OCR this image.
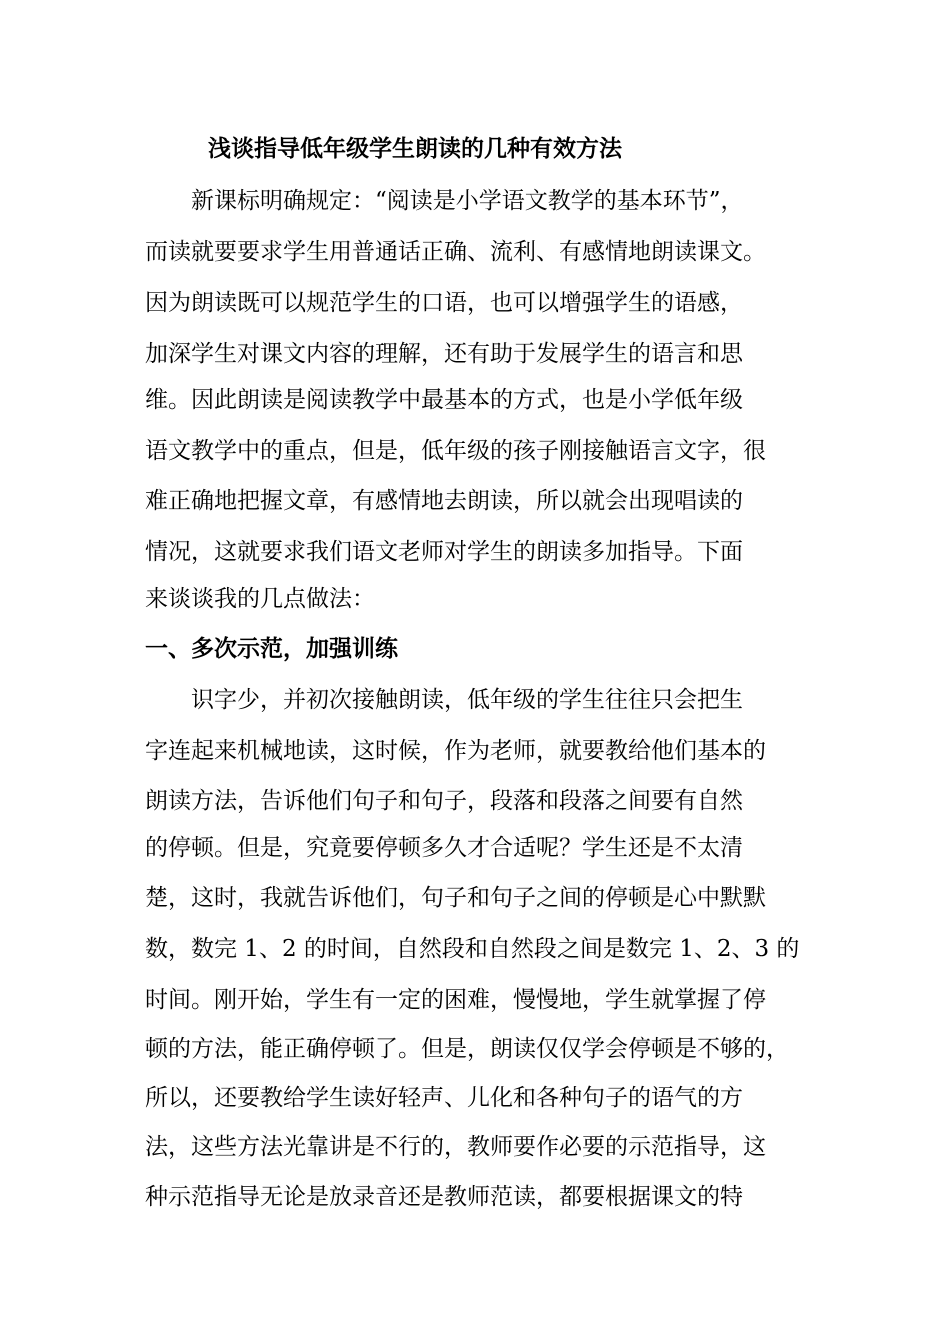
浅谈指导低年级学生朗读的几种有效方法
　　新课标明确规定：“阅读是小学语文教学的基本环节”，
而读就要要求学生用普通话正确、流利、有感情地朗读课文。
因为朗读既可以规范学生的口语，也可以增强学生的语感，
加深学生对课文内容的理解，还有助于发展学生的语言和思
维。因此朗读是阅读教学中最基本的方式，也是小学低年级
语文教学中的重点，但是，低年级的孩子刚接触语言文字，很
难正确地把握文章，有感情地去朗读，所以就会出现唱读的
情况，这就要求我们语文老师对学生的朗读多加指导。下面
来谈谈我的几点做法：
一、多次示范，加强训练
　　识字少，并初次接触朗读，低年级的学生往往只会把生
字连起来机械地读，这时候，作为老师，就要教给他们基本的
朗读方法，告诉他们句子和句子，段落和段落之间要有自然
的停顿。但是，究竟要停顿多久才合适呢？学生还是不太清
楚，这时，我就告诉他们，句子和句子之间的停顿是心中默默
数，数完 1、2 的时间，自然段和自然段之间是数完 1、2、3 的
时间。刚开始，学生有一定的困难，慢慢地，学生就掌握了停
顿的方法，能正确停顿了。但是，朗读仅仅学会停顿是不够的，
所以，还要教给学生读好轻声、儿化和各种句子的语气的方
法，这些方法光靠讲是不行的，教师要作必要的示范指导，这
种示范指导无论是放录音还是教师范读，都要根据课文的特
